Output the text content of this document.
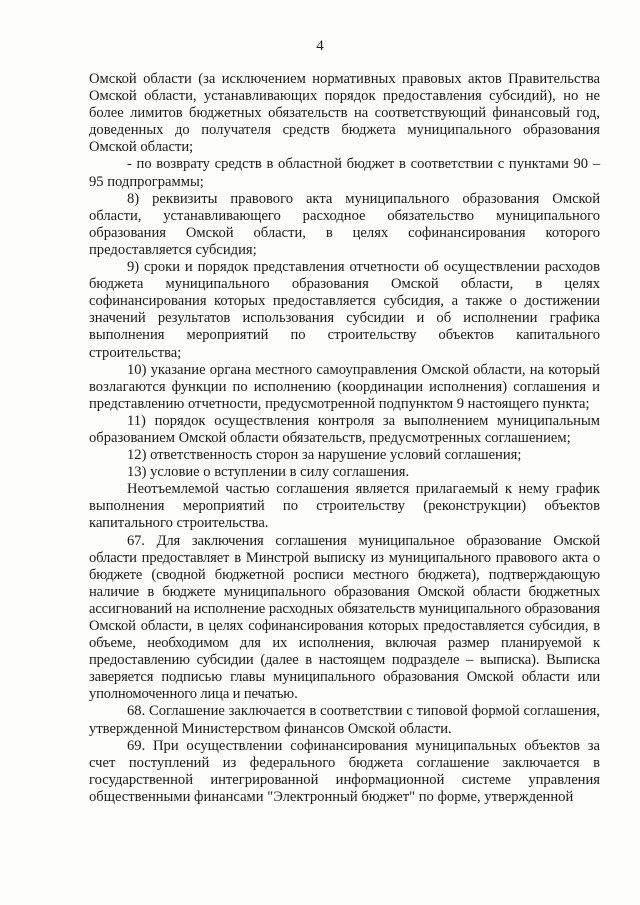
4

Омской области (за исключением нормативных правовых актов Правительства Омской области, устанавливающих порядок предоставления субсидий), но не более лимитов бюджетных обязательств на соответствующий финансовый год, доведенных до получателя средств бюджета муниципального образования Омской области;

- по возврату средств в областной бюджет в соответствии с пунктами 90 – 95 подпрограммы;

8) реквизиты правового акта муниципального образования Омской области, устанавливающего расходное обязательство муниципального образования Омской области, в целях софинансирования которого предоставляется субсидия;

9) сроки и порядок представления отчетности об осуществлении расходов бюджета муниципального образования Омской области, в целях софинансирования которых предоставляется субсидия, а также о достижении значений результатов использования субсидии и об исполнении графика выполнения мероприятий по строительству объектов капитального строительства;

10) указание органа местного самоуправления Омской области, на который возлагаются функции по исполнению (координации исполнения) соглашения и представлению отчетности, предусмотренной подпунктом 9 настоящего пункта;

11) порядок осуществления контроля за выполнением муниципальным образованием Омской области обязательств, предусмотренных соглашением;

12) ответственность сторон за нарушение условий соглашения;

13) условие о вступлении в силу соглашения.

Неотъемлемой частью соглашения является прилагаемый к нему график выполнения мероприятий по строительству (реконструкции) объектов капитального строительства.

67. Для заключения соглашения муниципальное образование Омской области предоставляет в Минстрой выписку из муниципального правового акта о бюджете (сводной бюджетной росписи местного бюджета), подтверждающую наличие в бюджете муниципального образования Омской области бюджетных ассигнований на исполнение расходных обязательств муниципального образования Омской области, в целях софинансирования которых предоставляется субсидия, в объеме, необходимом для их исполнения, включая размер планируемой к предоставлению субсидии (далее в настоящем подразделе – выписка). Выписка заверяется подписью главы муниципального образования Омской области или уполномоченного лица и печатью.

68. Соглашение заключается в соответствии с типовой формой соглашения, утвержденной Министерством финансов Омской области.

69. При осуществлении софинансирования муниципальных объектов за счет поступлений из федерального бюджета соглашение заключается в государственной интегрированной информационной системе управления общественными финансами "Электронный бюджет" по форме, утвержденной
